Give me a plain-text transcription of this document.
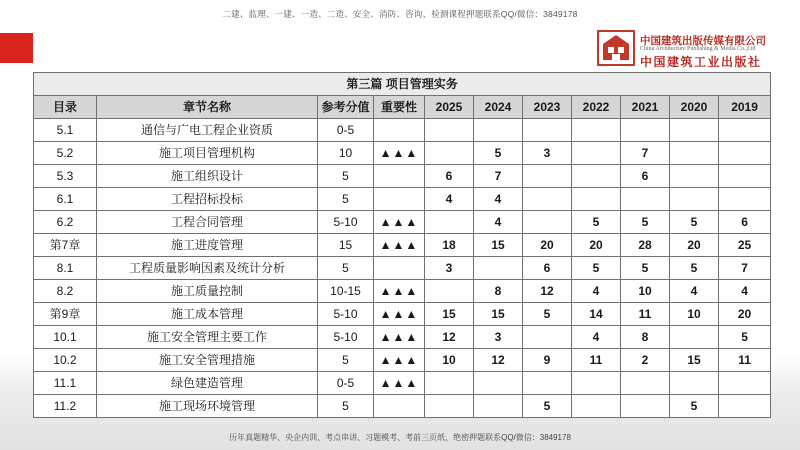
二建、监理、一建、一造、二造、安全、消防、咨询、检测课程押题联系QQ/微信：3849178
中国建筑出版传媒有限公司
China Architecture Publishing & Media Co.,Ltd
中国建筑工业出版社
第三篇 项目管理实务										
目录	章节名称	参考分值	重要性	2025	2024	2023	2022	2021	2020	2019
5.1	通信与广电工程企业资质	0-5								
5.2	施工项目管理机构	10	▲▲▲		5	3		7		
5.3	施工组织设计	5		6	7			6		
6.1	工程招标投标	5		4	4					
6.2	工程合同管理	5-10	▲▲▲		4		5	5	5	6
第7章	施工进度管理	15	▲▲▲	18	15	20	20	28	20	25
8.1	工程质量影响因素及统计分析	5		3		6	5	5	5	7
8.2	施工质量控制	10-15	▲▲▲		8	12	4	10	4	4
第9章	施工成本管理	5-10	▲▲▲	15	15	5	14	11	10	20
10.1	施工安全管理主要工作	5-10	▲▲▲	12	3		4	8		5
10.2	施工安全管理措施	5	▲▲▲	10	12	9	11	2	15	11
11.1	绿色建造管理	0-5	▲▲▲							
11.2	施工现场环境管理	5				5			5	
历年真题精华、央企内训、考点串讲、习题模考、考前三页纸、绝密押题联系QQ/微信：3849178
